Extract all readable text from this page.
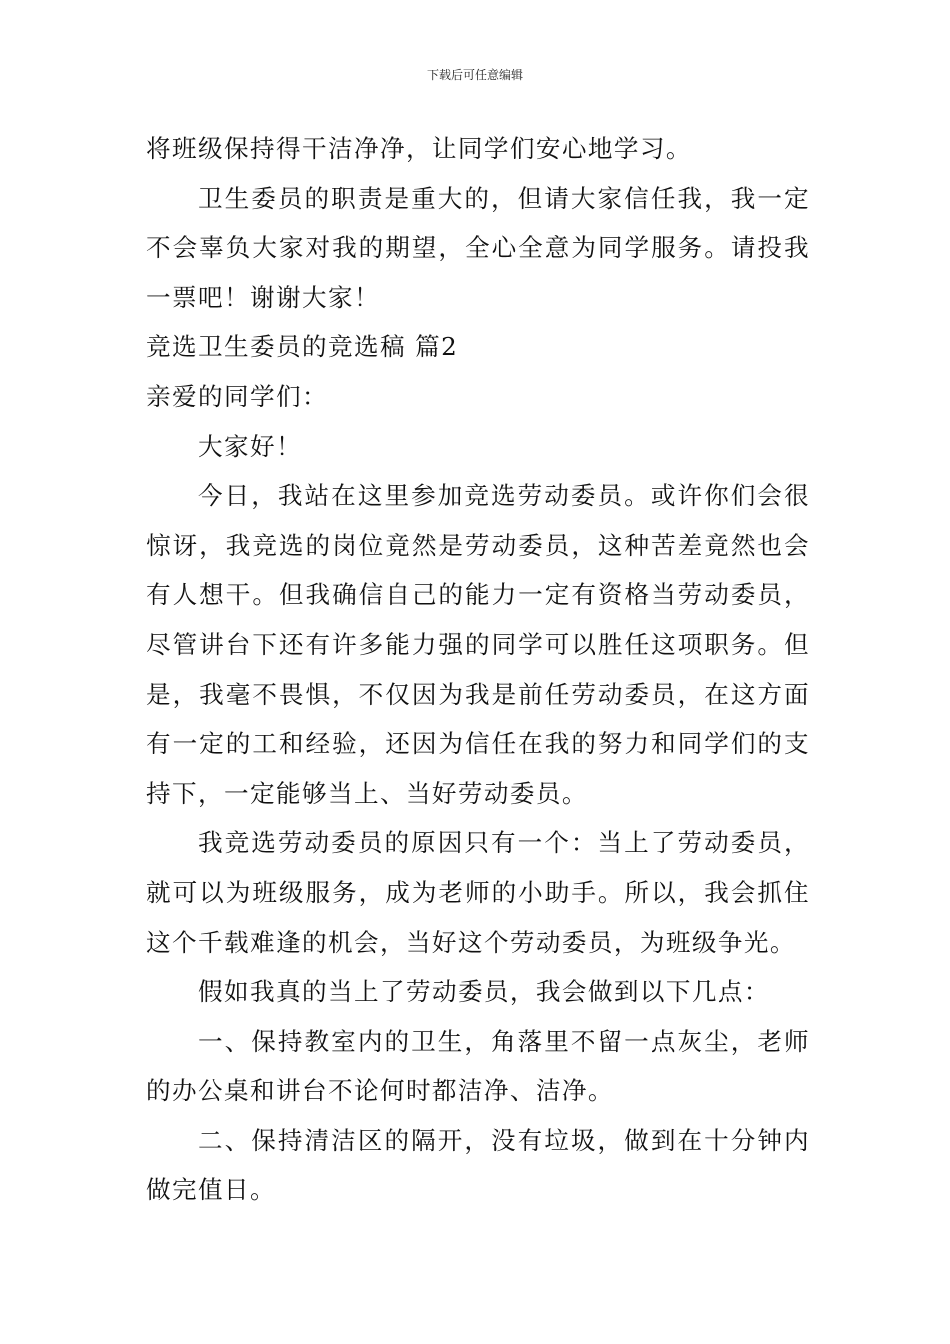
下载后可任意编辑

将班级保持得干洁净净，让同学们安心地学习。

卫生委员的职责是重大的，但请大家信任我，我一定不会辜负大家对我的期望，全心全意为同学服务。请投我一票吧！谢谢大家！

竞选卫生委员的竞选稿 篇2

亲爱的同学们：

大家好！

今日，我站在这里参加竞选劳动委员。或许你们会很惊讶，我竞选的岗位竟然是劳动委员，这种苦差竟然也会有人想干。但我确信自己的能力一定有资格当劳动委员，尽管讲台下还有许多能力强的同学可以胜任这项职务。但是，我毫不畏惧，不仅因为我是前任劳动委员，在这方面有一定的工和经验，还因为信任在我的努力和同学们的支持下，一定能够当上、当好劳动委员。

我竞选劳动委员的原因只有一个：当上了劳动委员，就可以为班级服务，成为老师的小助手。所以，我会抓住这个千载难逢的机会，当好这个劳动委员，为班级争光。

假如我真的当上了劳动委员，我会做到以下几点：

一、保持教室内的卫生，角落里不留一点灰尘，老师的办公桌和讲台不论何时都洁净、洁净。

二、保持清洁区的隔开，没有垃圾，做到在十分钟内做完值日。
